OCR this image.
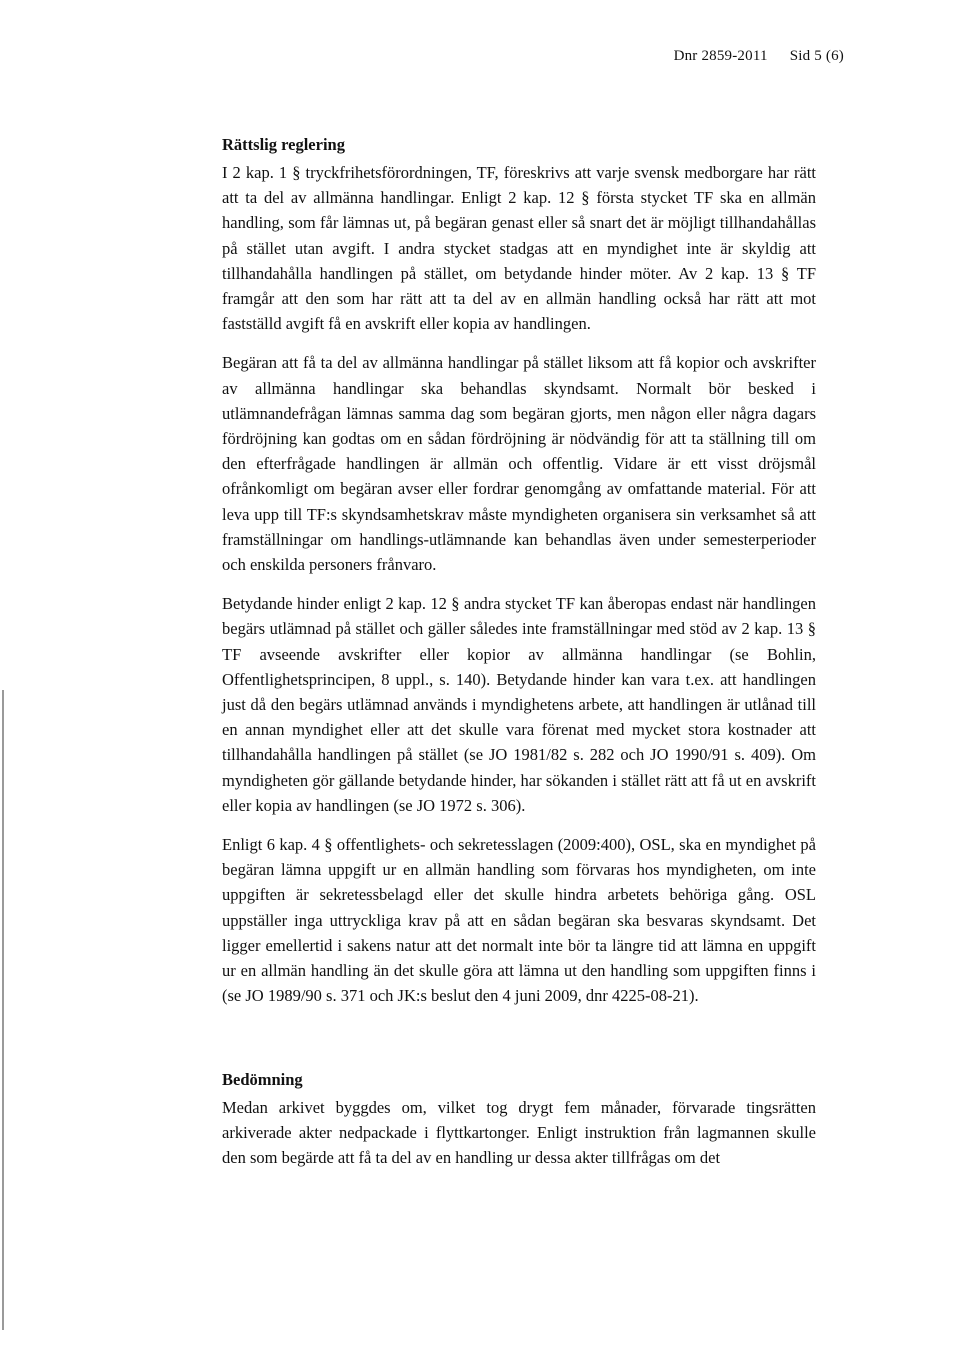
Dnr 2859-2011 Sid 5 (6)
Rättslig reglering

I 2 kap. 1 § tryckfrihetsförordningen, TF, föreskrivs att varje svensk medborgare har rätt att ta del av allmänna handlingar. Enligt 2 kap. 12 § första stycket TF ska en allmän handling, som får lämnas ut, på begäran genast eller så snart det är möjligt tillhandahållas på stället utan avgift. I andra stycket stadgas att en myndighet inte är skyldig att tillhandahålla handlingen på stället, om betydande hinder möter. Av 2 kap. 13 § TF framgår att den som har rätt att ta del av en allmän handling också har rätt att mot fastställd avgift få en avskrift eller kopia av handlingen.

Begäran att få ta del av allmänna handlingar på stället liksom att få kopior och avskrifter av allmänna handlingar ska behandlas skyndsamt. Normalt bör besked i utlämnandefrågan lämnas samma dag som begäran gjorts, men någon eller några dagars fördröjning kan godtas om en sådan fördröjning är nödvändig för att ta ställning till om den efterfrågade handlingen är allmän och offentlig. Vidare är ett visst dröjsmål ofrånkomligt om begäran avser eller fordrar genomgång av omfattande material. För att leva upp till TF:s skyndsamhetskrav måste myndigheten organisera sin verksamhet så att framställningar om handlings-utlämnande kan behandlas även under semesterperioder och enskilda personers frånvaro.

Betydande hinder enligt 2 kap. 12 § andra stycket TF kan åberopas endast när handlingen begärs utlämnad på stället och gäller således inte framställningar med stöd av 2 kap. 13 § TF avseende avskrifter eller kopior av allmänna handlingar (se Bohlin, Offentlighetsprincipen, 8 uppl., s. 140). Betydande hinder kan vara t.ex. att handlingen just då den begärs utlämnad används i myndighetens arbete, att handlingen är utlånad till en annan myndighet eller att det skulle vara förenat med mycket stora kostnader att tillhandahålla handlingen på stället (se JO 1981/82 s. 282 och JO 1990/91 s. 409). Om myndigheten gör gällande betydande hinder, har sökanden i stället rätt att få ut en avskrift eller kopia av handlingen (se JO 1972 s. 306).

Enligt 6 kap. 4 § offentlighets- och sekretesslagen (2009:400), OSL, ska en myndighet på begäran lämna uppgift ur en allmän handling som förvaras hos myndigheten, om inte uppgiften är sekretessbelagd eller det skulle hindra arbetets behöriga gång. OSL uppställer inga uttryckliga krav på att en sådan begäran ska besvaras skyndsamt. Det ligger emellertid i sakens natur att det normalt inte bör ta längre tid att lämna en uppgift ur en allmän handling än det skulle göra att lämna ut den handling som uppgiften finns i (se JO 1989/90 s. 371 och JK:s beslut den 4 juni 2009, dnr 4225-08-21).

Bedömning

Medan arkivet byggdes om, vilket tog drygt fem månader, förvarade tingsrätten arkiverade akter nedpackade i flyttkartonger. Enligt instruktion från lagmannen skulle den som begärde att få ta del av en handling ur dessa akter tillfrågas om det
